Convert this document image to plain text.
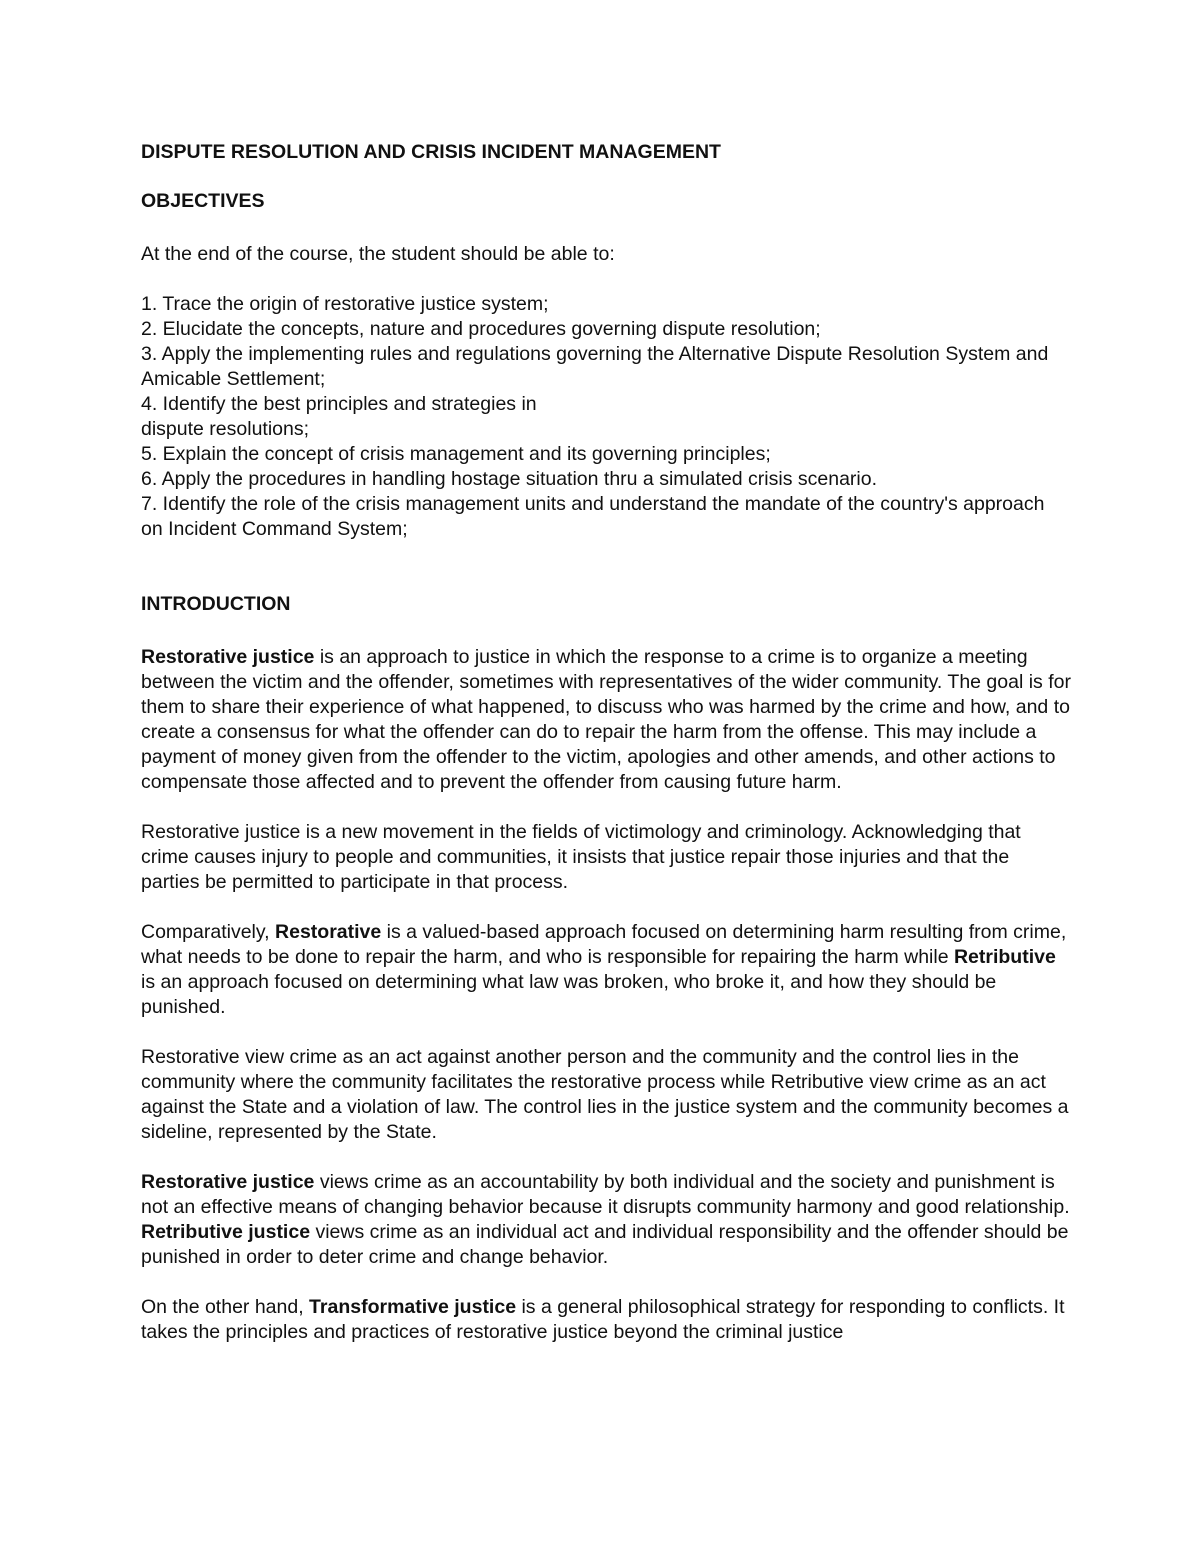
DISPUTE RESOLUTION AND CRISIS INCIDENT MANAGEMENT
OBJECTIVES

At the end of the course, the student should be able to:

1. Trace the origin of restorative justice system;

2. Elucidate the concepts, nature and procedures governing dispute resolution;

3. Apply the implementing rules and regulations governing the Alternative Dispute Resolution System and Amicable Settlement;

4. Identify the best principles and strategies in

dispute resolutions;

5. Explain the concept of crisis management and its governing principles;

6. Apply the procedures in handling hostage situation thru a simulated crisis scenario.

7. Identify the role of the crisis management units and understand the mandate of the country's approach on Incident Command System;

INTRODUCTION

Restorative justice is an approach to justice in which the response to a crime is to organize a meeting between the victim and the offender, sometimes with representatives of the wider community. The goal is for them to share their experience of what happened, to discuss who was harmed by the crime and how, and to create a consensus for what the offender can do to repair the harm from the offense. This may include a payment of money given from the offender to the victim, apologies and other amends, and other actions to compensate those affected and to prevent the offender from causing future harm.

Restorative justice is a new movement in the fields of victimology and criminology. Acknowledging that crime causes injury to people and communities, it insists that justice repair those injuries and that the parties be permitted to participate in that process.

Comparatively, Restorative is a valued-based approach focused on determining harm resulting from crime, what needs to be done to repair the harm, and who is responsible for repairing the harm while Retributive is an approach focused on determining what law was broken, who broke it, and how they should be punished.

Restorative view crime as an act against another person and the community and the control lies in the community where the community facilitates the restorative process while Retributive view crime as an act against the State and a violation of law. The control lies in the justice system and the community becomes a sideline, represented by the State.

Restorative justice views crime as an accountability by both individual and the society and punishment is not an effective means of changing behavior because it disrupts community harmony and good relationship. Retributive justice views crime as an individual act and individual responsibility and the offender should be punished in order to deter crime and change behavior.

On the other hand, Transformative justice is a general philosophical strategy for responding to conflicts. It takes the principles and practices of restorative justice beyond the criminal justice
